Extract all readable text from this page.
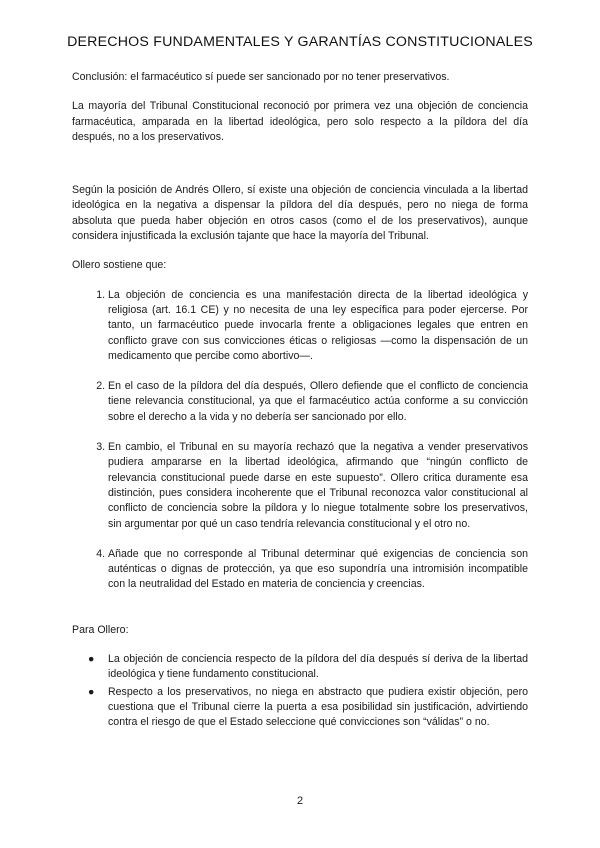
DERECHOS FUNDAMENTALES Y GARANTÍAS CONSTITUCIONALES

Conclusión: el farmacéutico sí puede ser sancionado por no tener preservativos.

La mayoría del Tribunal Constitucional reconoció por primera vez una objeción de conciencia farmacéutica, amparada en la libertad ideológica, pero solo respecto a la píldora del día después, no a los preservativos.

Según la posición de Andrés Ollero, sí existe una objeción de conciencia vinculada a la libertad ideológica en la negativa a dispensar la píldora del día después, pero no niega de forma absoluta que pueda haber objeción en otros casos (como el de los preservativos), aunque considera injustificada la exclusión tajante que hace la mayoría del Tribunal.

Ollero sostiene que:

1. La objeción de conciencia es una manifestación directa de la libertad ideológica y religiosa (art. 16.1 CE) y no necesita de una ley específica para poder ejercerse. Por tanto, un farmacéutico puede invocarla frente a obligaciones legales que entren en conflicto grave con sus convicciones éticas o religiosas —como la dispensación de un medicamento que percibe como abortivo—.
2. En el caso de la píldora del día después, Ollero defiende que el conflicto de conciencia tiene relevancia constitucional, ya que el farmacéutico actúa conforme a su convicción sobre el derecho a la vida y no debería ser sancionado por ello.
3. En cambio, el Tribunal en su mayoría rechazó que la negativa a vender preservativos pudiera ampararse en la libertad ideológica, afirmando que “ningún conflicto de relevancia constitucional puede darse en este supuesto”. Ollero critica duramente esa distinción, pues considera incoherente que el Tribunal reconozca valor constitucional al conflicto de conciencia sobre la píldora y lo niegue totalmente sobre los preservativos, sin argumentar por qué un caso tendría relevancia constitucional y el otro no.
4. Añade que no corresponde al Tribunal determinar qué exigencias de conciencia son auténticas o dignas de protección, ya que eso supondría una intromisión incompatible con la neutralidad del Estado en materia de conciencia y creencias.

Para Ollero:

● La objeción de conciencia respecto de la píldora del día después sí deriva de la libertad ideológica y tiene fundamento constitucional.
● Respecto a los preservativos, no niega en abstracto que pudiera existir objeción, pero cuestiona que el Tribunal cierre la puerta a esa posibilidad sin justificación, advirtiendo contra el riesgo de que el Estado seleccione qué convicciones son “válidas” o no.
2
